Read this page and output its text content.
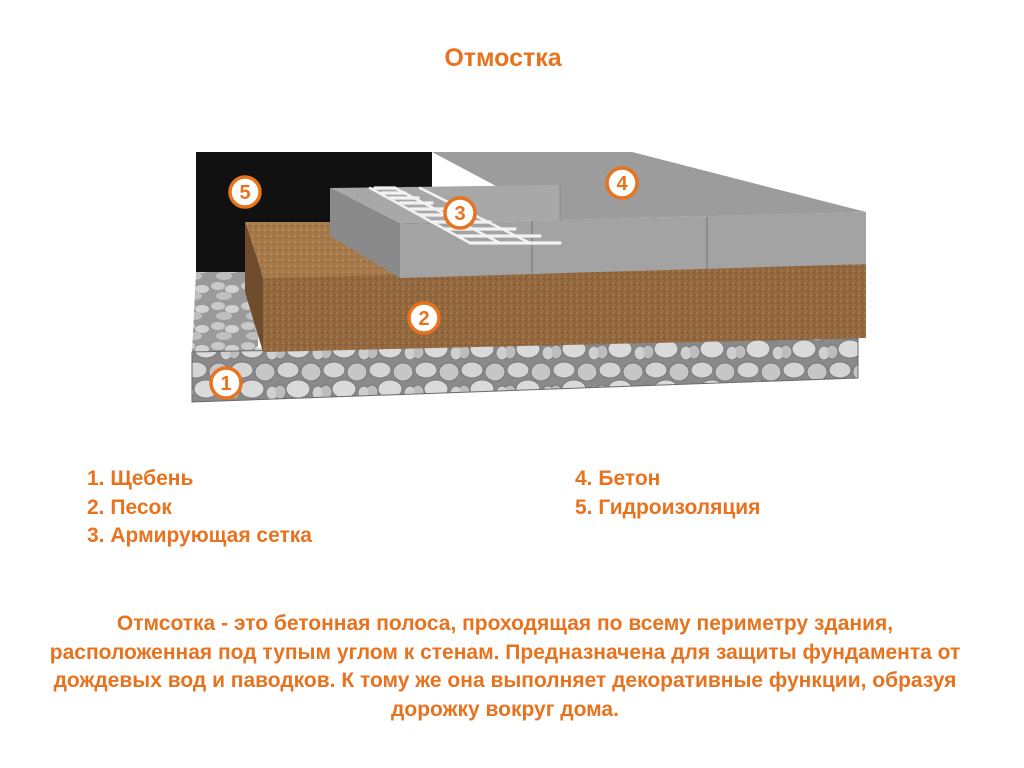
Отмостка
1
2
3
4
5
1. Щебень
2. Песок
3. Армирующая сетка
4. Бетон
5. Гидроизоляция

Отмсотка - это бетонная полоса, проходящая по всему периметру здания, расположенная под тупым углом к стенам. Предназначена для защиты фундамента от дождевых вод и паводков. К тому же она выполняет декоративные функции, образуя дорожку вокруг дома.
